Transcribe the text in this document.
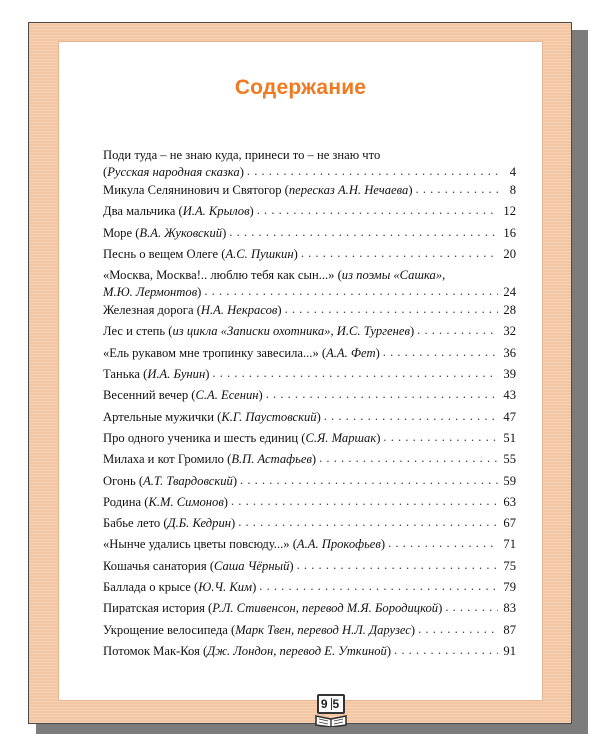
Содержание
Поди туда – не знаю куда, принеси то – не знаю что
( Русская народная сказка ) . . .	4
Микула Селянинович и Святогор ( пересказ А.Н. Нечаева ) . . .	8
Два мальчика ( И.А. Крылов ) . . .	12
Море ( В.А. Жуковский ) . . .	16
Песнь о вещем Олеге ( А.С. Пушкин ) . . .	20
«Москва, Москва!.. люблю тебя как сын...» ( из поэмы «Сашка»,
М.Ю. Лермонтов ) . . .	24
Железная дорога ( Н.А. Некрасов ) . . .	28
Лес и степь ( из цикла «Записки охотника», И.С. Тургенев ) . . .	32
«Ель рукавом мне тропинку завесила...» ( А.А. Фет ) . . .	36
Танька ( И.А. Бунин ) . . .	39
Весенний вечер ( С.А. Есенин ) . . .	43
Артельные мужички ( К.Г. Паустовский ) . . .	47
Про одного ученика и шесть единиц ( С.Я. Маршак ) . . .	51
Милаха и кот Громило ( В.П. Астафьев ) . . .	55
Огонь ( А.Т. Твардовский ) . . .	59
Родина ( К.М. Симонов ) . . .	63
Бабье лето ( Д.Б. Кедрин ) . . .	67
«Нынче удались цветы повсюду...» ( А.А. Прокофьев ) . . .	71
Кошачья санатория ( Саша Чёрный ) . . .	75
Баллада о крысе ( Ю.Ч. Ким ) . . .	79
Пиратская история ( Р.Л. Стивенсон, перевод М.Я. Бородицкой ) . . .	83
Укрощение велосипеда ( Марк Твен, перевод Н.Л. Дарузес ) . . .	87
Потомок Мак-Коя ( Дж. Лондон, перевод Е. Уткиной ) . . .	91
9 5
